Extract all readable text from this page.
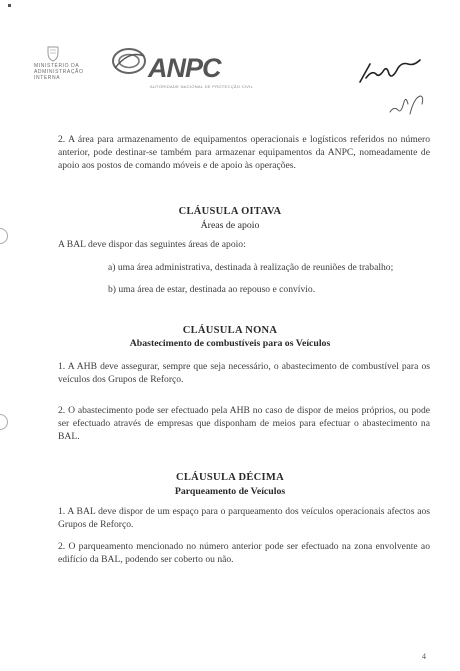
MINISTÉRIO DA
ADMINISTRAÇÃO
INTERNA	ANPC
AUTORIDADE NACIONAL DE PROTECÇÃO CIVIL
2. A área para armazenamento de equipamentos operacionais e logísticos referidos no número anterior, pode destinar-se também para armazenar equipamentos da ANPC, nomeadamente de apoio aos postos de comando móveis e de apoio às operações.
CLÁUSULA OITAVA
Áreas de apoio
A BAL deve dispor das seguintes áreas de apoio:
a) uma área administrativa, destinada à realização de reuniões de trabalho;
b) uma área de estar, destinada ao repouso e convívio.
CLÁUSULA NONA
Abastecimento de combustíveis para os Veículos
1. A AHB deve assegurar, sempre que seja necessário, o abastecimento de combustível para os veículos dos Grupos de Reforço.
2. O abastecimento pode ser efectuado pela AHB no caso de dispor de meios próprios, ou pode ser efectuado através de empresas que disponham de meios para efectuar o abastecimento na BAL.
CLÁUSULA DÉCIMA
Parqueamento de Veículos
1. A BAL deve dispor de um espaço para o parqueamento dos veículos operacionais afectos aos Grupos de Reforço.
2. O parqueamento mencionado no número anterior pode ser efectuado na zona envolvente ao edifício da BAL, podendo ser coberto ou não.
4
